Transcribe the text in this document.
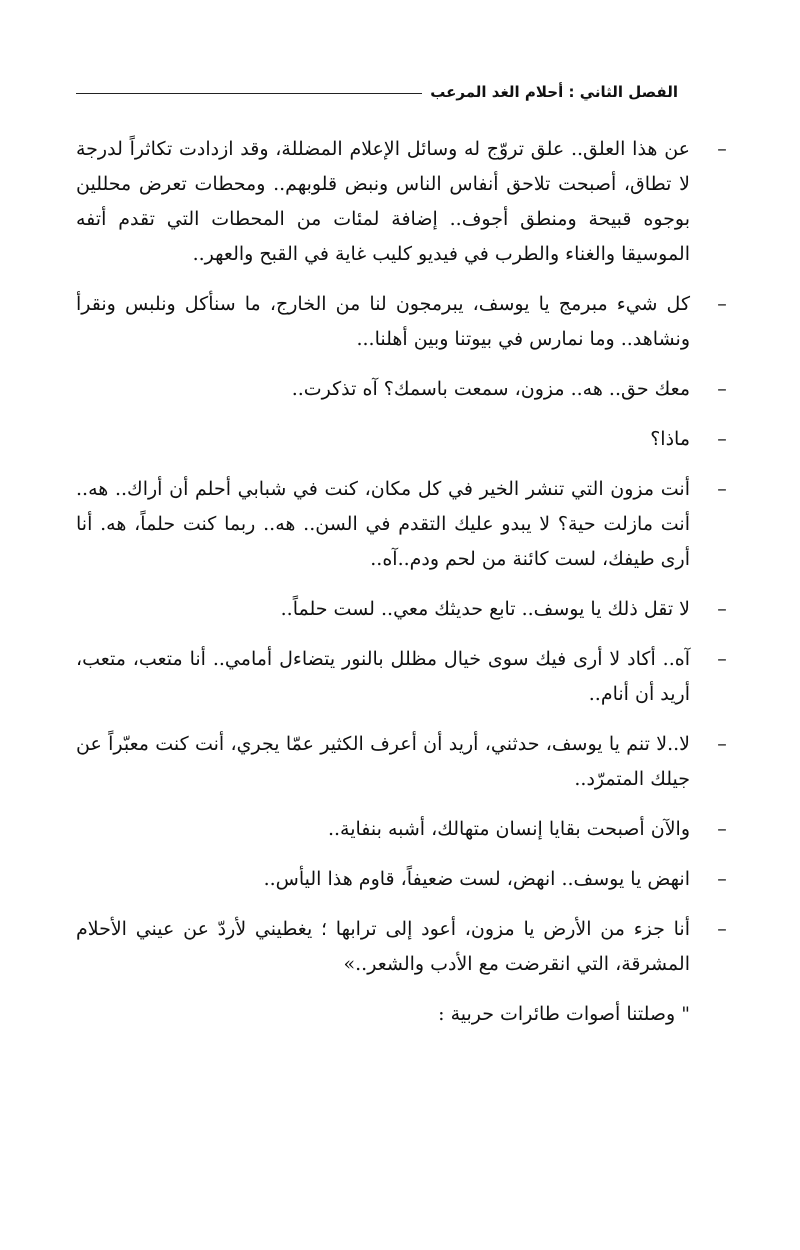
الفصل الثاني : أحلام الغد المرعب
–
عن هذا العلق.. علق تروّج له وسائل الإعلام المضللة، وقد ازدادت تكاثراً لدرجة لا تطاق، أصبحت تلاحق أنفاس الناس ونبض قلوبهم.. ومحطات تعرض محللين بوجوه قبيحة ومنطق أجوف.. إضافة لمئات من المحطات التي تقدم أتفه الموسيقا والغناء والطرب في فيديو كليب غاية في القبح والعهر..
–
كل شيء مبرمج يا يوسف، يبرمجون لنا من الخارج، ما سنأكل ونلبس ونقرأ ونشاهد.. وما نمارس في بيوتنا وبين أهلنا...
–
معك حق.. هه.. مزون، سمعت باسمك؟ آه تذكرت..
–
ماذا؟
–
أنت مزون التي تنشر الخير في كل مكان، كنت في شبابي أحلم أن أراك.. هه.. أنت مازلت حية؟ لا يبدو عليك التقدم في السن.. هه.. ربما كنت حلماً، هه. أنا أرى طيفك، لست كائنة من لحم ودم..آه..
–
لا تقل ذلك يا يوسف.. تابع حديثك معي.. لست حلماً..
–
آه.. أكاد لا أرى فيك سوى خيال مظلل بالنور يتضاءل أمامي.. أنا متعب، متعب، أريد أن أنام..
–
لا..لا تنم يا يوسف، حدثني، أريد أن أعرف الكثير عمّا يجري، أنت كنت معبّراً عن جيلك المتمرّد..
–
والآن أصبحت بقايا إنسان متهالك، أشبه بنفاية..
–
انهض يا يوسف.. انهض، لست ضعيفاً، قاوم هذا اليأس..
–
أنا جزء من الأرض يا مزون، أعود إلى ترابها ؛ يغطيني لأردّ عن عيني الأحلام المشرقة، التي انقرضت مع الأدب والشعر..»
" وصلتنا أصوات طائرات حربية :
